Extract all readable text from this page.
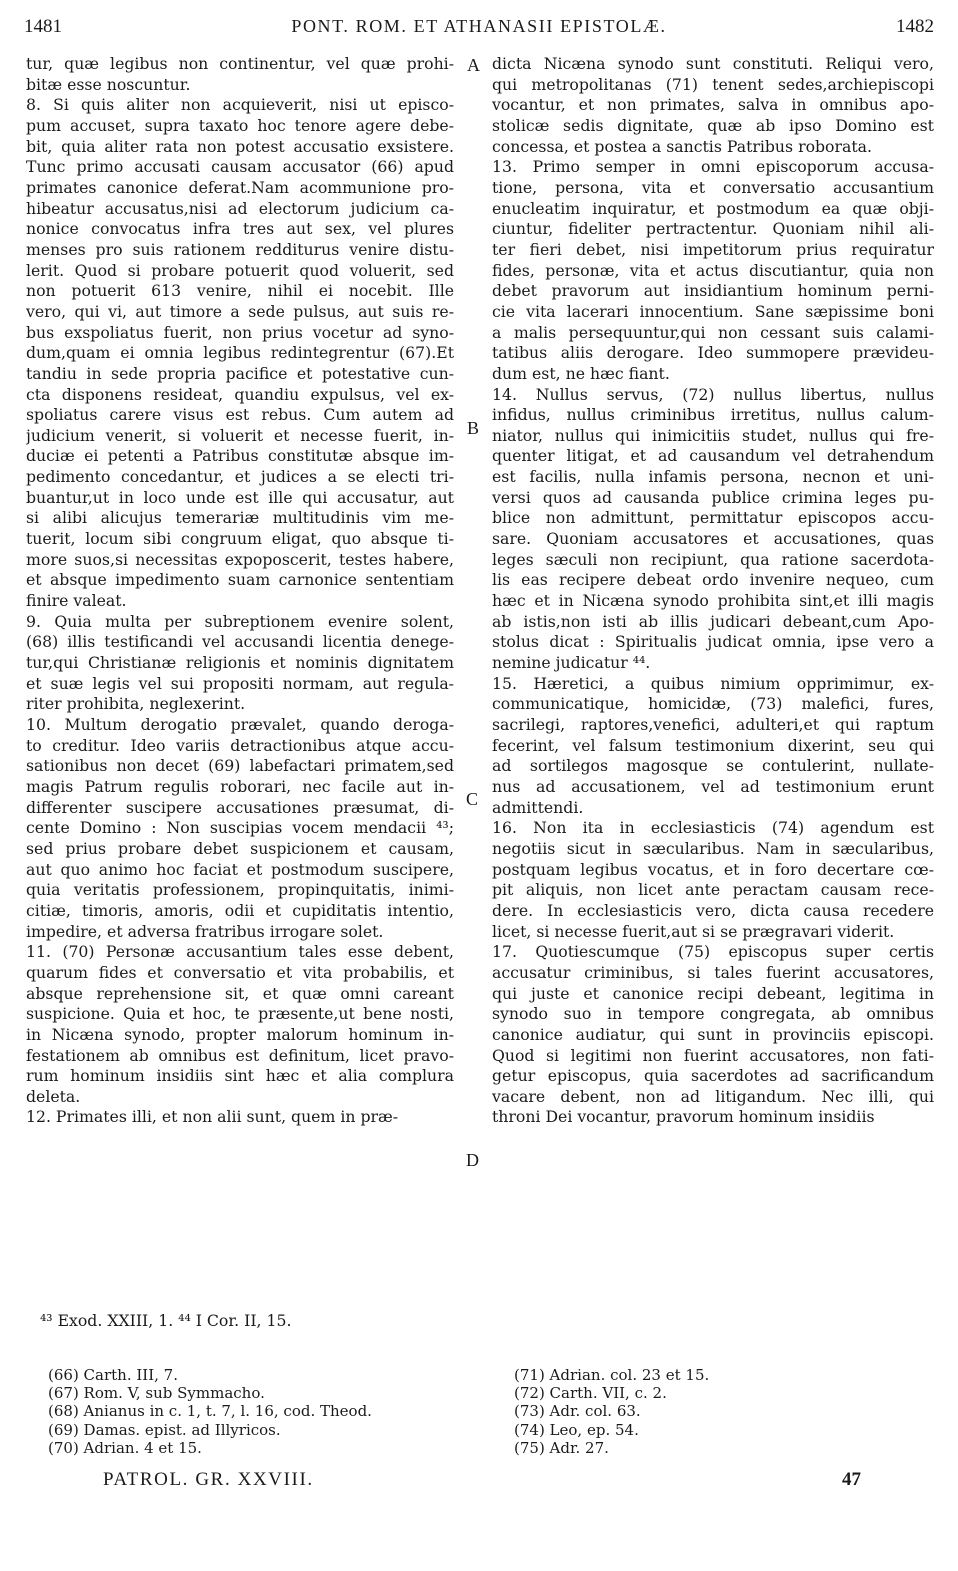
1481	PONT. ROM. ET ATHANASII EPISTOLÆ.	1482
tur, quæ legibus non continentur, vel quæ prohi-
bitæ esse noscuntur.
8. Si quis aliter non acquieverit, nisi ut episco-
pum accuset, supra taxato hoc tenore agere debe-
bit, quia aliter rata non potest accusatio exsistere.
Tunc primo accusati causam accusator (66) apud
primates canonice deferat.Nam acommunione pro-
hibeatur accusatus,nisi ad electorum judicium ca-
nonice convocatus infra tres aut sex, vel plures
menses pro suis rationem redditurus venire distu-
lerit. Quod si probare potuerit quod voluerit, sed
non potuerit 613 venire, nihil ei nocebit. Ille
vero, qui vi, aut timore a sede pulsus, aut suis re-
bus exspoliatus fuerit, non prius vocetur ad syno-
dum,quam ei omnia legibus redintegrentur (67).Et
tandiu in sede propria pacifice et potestative cun-
cta disponens resideat, quandiu expulsus, vel ex-
spoliatus carere visus est rebus. Cum autem ad
judicium venerit, si voluerit et necesse fuerit, in-
duciæ ei petenti a Patribus constitutæ absque im-
pedimento concedantur, et judices a se electi tri-
buantur,ut in loco unde est ille qui accusatur, aut
si alibi alicujus temerariæ multitudinis vim me-
tuerit, locum sibi congruum eligat, quo absque ti-
more suos,si necessitas expoposcerit, testes habere,
et absque impedimento suam carnonice sententiam
finire valeat.
9. Quia multa per subreptionem evenire solent,
(68) illis testificandi vel accusandi licentia denege-
tur,qui Christianæ religionis et nominis dignitatem
et suæ legis vel sui propositi normam, aut regula-
riter prohibita, neglexerint.
10. Multum derogatio prævalet, quando deroga-
to creditur. Ideo variis detractionibus atque accu-
sationibus non decet (69) labefactari primatem,sed
magis Patrum regulis roborari, nec facile aut in-
differenter suscipere accusationes præsumat, di-
cente Domino : Non suscipias vocem mendacii ⁴³;
sed prius probare debet suspicionem et causam,
aut quo animo hoc faciat et postmodum suscipere,
quia veritatis professionem, propinquitatis, inimi-
citiæ, timoris, amoris, odii et cupiditatis intentio,
impedire, et adversa fratribus irrogare solet.
11. (70) Personæ accusantium tales esse debent,
quarum fides et conversatio et vita probabilis, et
absque reprehensione sit, et quæ omni careant
suspicione. Quia et hoc, te præsente,ut bene nosti,
in Nicæna synodo, propter malorum hominum in-
festationem ab omnibus est definitum, licet pravo-
rum hominum insidiis sint hæc et alia complura
deleta.
12. Primates illi, et non alii sunt, quem in præ-
dicta Nicæna synodo sunt constituti. Reliqui vero,
qui metropolitanas (71) tenent sedes,archiepiscopi
vocantur, et non primates, salva in omnibus apo-
stolicæ sedis dignitate, quæ ab ipso Domino est
concessa, et postea a sanctis Patribus roborata.
13. Primo semper in omni episcoporum accusa-
tione, persona, vita et conversatio accusantium
enucleatim inquiratur, et postmodum ea quæ obji-
ciuntur, fideliter pertractentur. Quoniam nihil ali-
ter fieri debet, nisi impetitorum prius requiratur
fides, personæ, vita et actus discutiantur, quia non
debet pravorum aut insidiantium hominum perni-
cie vita lacerari innocentium. Sane sæpissime boni
a malis persequuntur,qui non cessant suis calami-
tatibus aliis derogare. Ideo summopere prævideu-
dum est, ne hæc fiant.
14. Nullus servus, (72) nullus libertus, nullus
infidus, nullus criminibus irretitus, nullus calum-
niator, nullus qui inimicitiis studet, nullus qui fre-
quenter litigat, et ad causandum vel detrahendum
est facilis, nulla infamis persona, necnon et uni-
versi quos ad causanda publice crimina leges pu-
blice non admittunt, permittatur episcopos accu-
sare. Quoniam accusatores et accusationes, quas
leges sæculi non recipiunt, qua ratione sacerdota-
lis eas recipere debeat ordo invenire nequeo, cum
hæc et in Nicæna synodo prohibita sint,et illi magis
ab istis,non isti ab illis judicari debeant,cum Apo-
stolus dicat : Spiritualis judicat omnia, ipse vero a
nemine judicatur ⁴⁴.
15. Hæretici, a quibus nimium opprimimur, ex-
communicatique, homicidæ, (73) malefici, fures,
sacrilegi, raptores,venefici, adulteri,et qui raptum
fecerint, vel falsum testimonium dixerint, seu qui
ad sortilegos magosque se contulerint, nullate-
nus ad accusationem, vel ad testimonium erunt
admittendi.
16. Non ita in ecclesiasticis (74) agendum est
negotiis sicut in sæcularibus. Nam in sæcularibus,
postquam legibus vocatus, et in foro decertare cœ-
pit aliquis, non licet ante peractam causam rece-
dere. In ecclesiasticis vero, dicta causa recedere
licet, si necesse fuerit,aut si se prægravari viderit.
17. Quotiescumque (75) episcopus super certis
accusatur criminibus, si tales fuerint accusatores,
qui juste et canonice recipi debeant, legitima in
synodo suo in tempore congregata, ab omnibus
canonice audiatur, qui sunt in provinciis episcopi.
Quod si legitimi non fuerint accusatores, non fati-
getur episcopus, quia sacerdotes ad sacrificandum
vacare debent, non ad litigandum. Nec illi, qui
throni Dei vocantur, pravorum hominum insidiis
A
B
C
D
⁴³ Exod. XXIII, 1. ⁴⁴ I Cor. II, 15.
(66) Carth. III, 7.
(67) Rom. V, sub Symmacho.
(68) Anianus in c. 1, t. 7, l. 16, cod. Theod.
(69) Damas. epist. ad Illyricos.
(70) Adrian. 4 et 15.
(71) Adrian. col. 23 et 15.
(72) Carth. VII, c. 2.
(73) Adr. col. 63.
(74) Leo, ep. 54.
(75) Adr. 27.
PATROL. GR. XXVIII.	47
